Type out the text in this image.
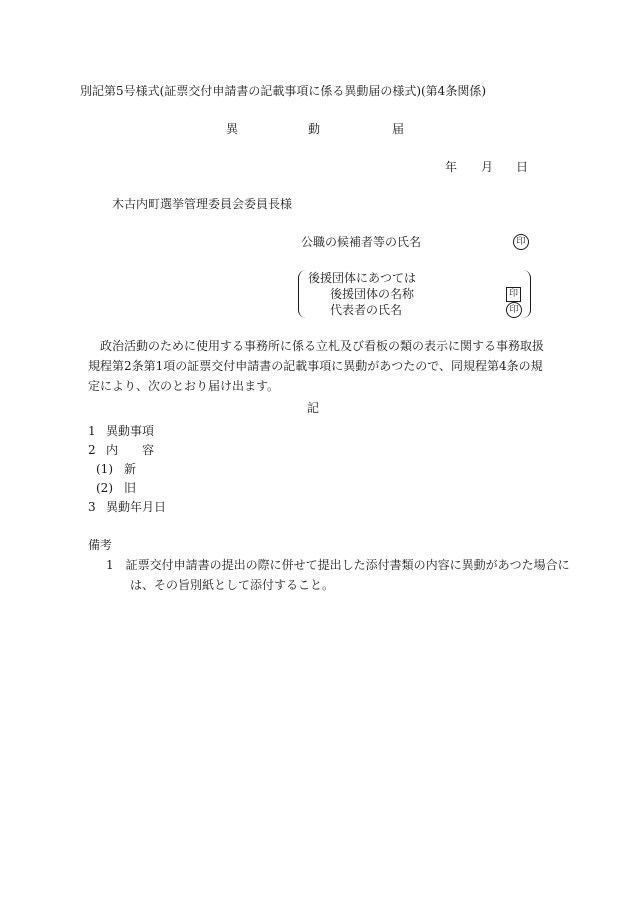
別記第5号様式(証票交付申請書の記載事項に係る異動届の様式)(第4条関係)
異	動	届
年 月 日
木古内町選挙管理委員会委員長様
公職の候補者等の氏名	印
後援団体にあつては
後援団体の名称	印
代表者の氏名	印
政治活動のために使用する事務所に係る立札及び看板の類の表示に関する事務取扱規程第2条第1項の証票交付申請書の記載事項に異動があつたので、同規程第4条の規定により、次のとおり届け出ます。
記
1 異動事項
2 内　　容
(1) 新
(2) 旧
3 異動年月日
備考
1　 証票交付申請書の提出の際に併せて提出した添付書類の内容に異動があつた場合には、その旨別紙として添付すること。
